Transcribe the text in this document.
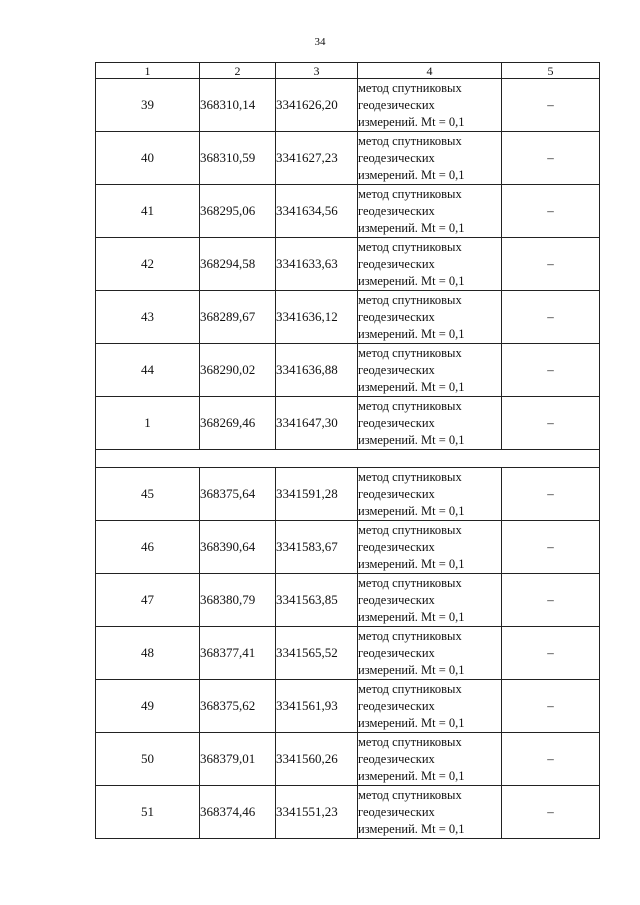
34
1	2	3	4	5
39	368310,14	3341626,20	метод спутниковых
геодезических
измерений. Mt = 0,1	–
40	368310,59	3341627,23	метод спутниковых
геодезических
измерений. Mt = 0,1	–
41	368295,06	3341634,56	метод спутниковых
геодезических
измерений. Mt = 0,1	–
42	368294,58	3341633,63	метод спутниковых
геодезических
измерений. Mt = 0,1	–
43	368289,67	3341636,12	метод спутниковых
геодезических
измерений. Mt = 0,1	–
44	368290,02	3341636,88	метод спутниковых
геодезических
измерений. Mt = 0,1	–
1	368269,46	3341647,30	метод спутниковых
геодезических
измерений. Mt = 0,1	–

45	368375,64	3341591,28	метод спутниковых
геодезических
измерений. Mt = 0,1	–
46	368390,64	3341583,67	метод спутниковых
геодезических
измерений. Mt = 0,1	–
47	368380,79	3341563,85	метод спутниковых
геодезических
измерений. Mt = 0,1	–
48	368377,41	3341565,52	метод спутниковых
геодезических
измерений. Mt = 0,1	–
49	368375,62	3341561,93	метод спутниковых
геодезических
измерений. Mt = 0,1	–
50	368379,01	3341560,26	метод спутниковых
геодезических
измерений. Mt = 0,1	–
51	368374,46	3341551,23	метод спутниковых
геодезических
измерений. Mt = 0,1	–
